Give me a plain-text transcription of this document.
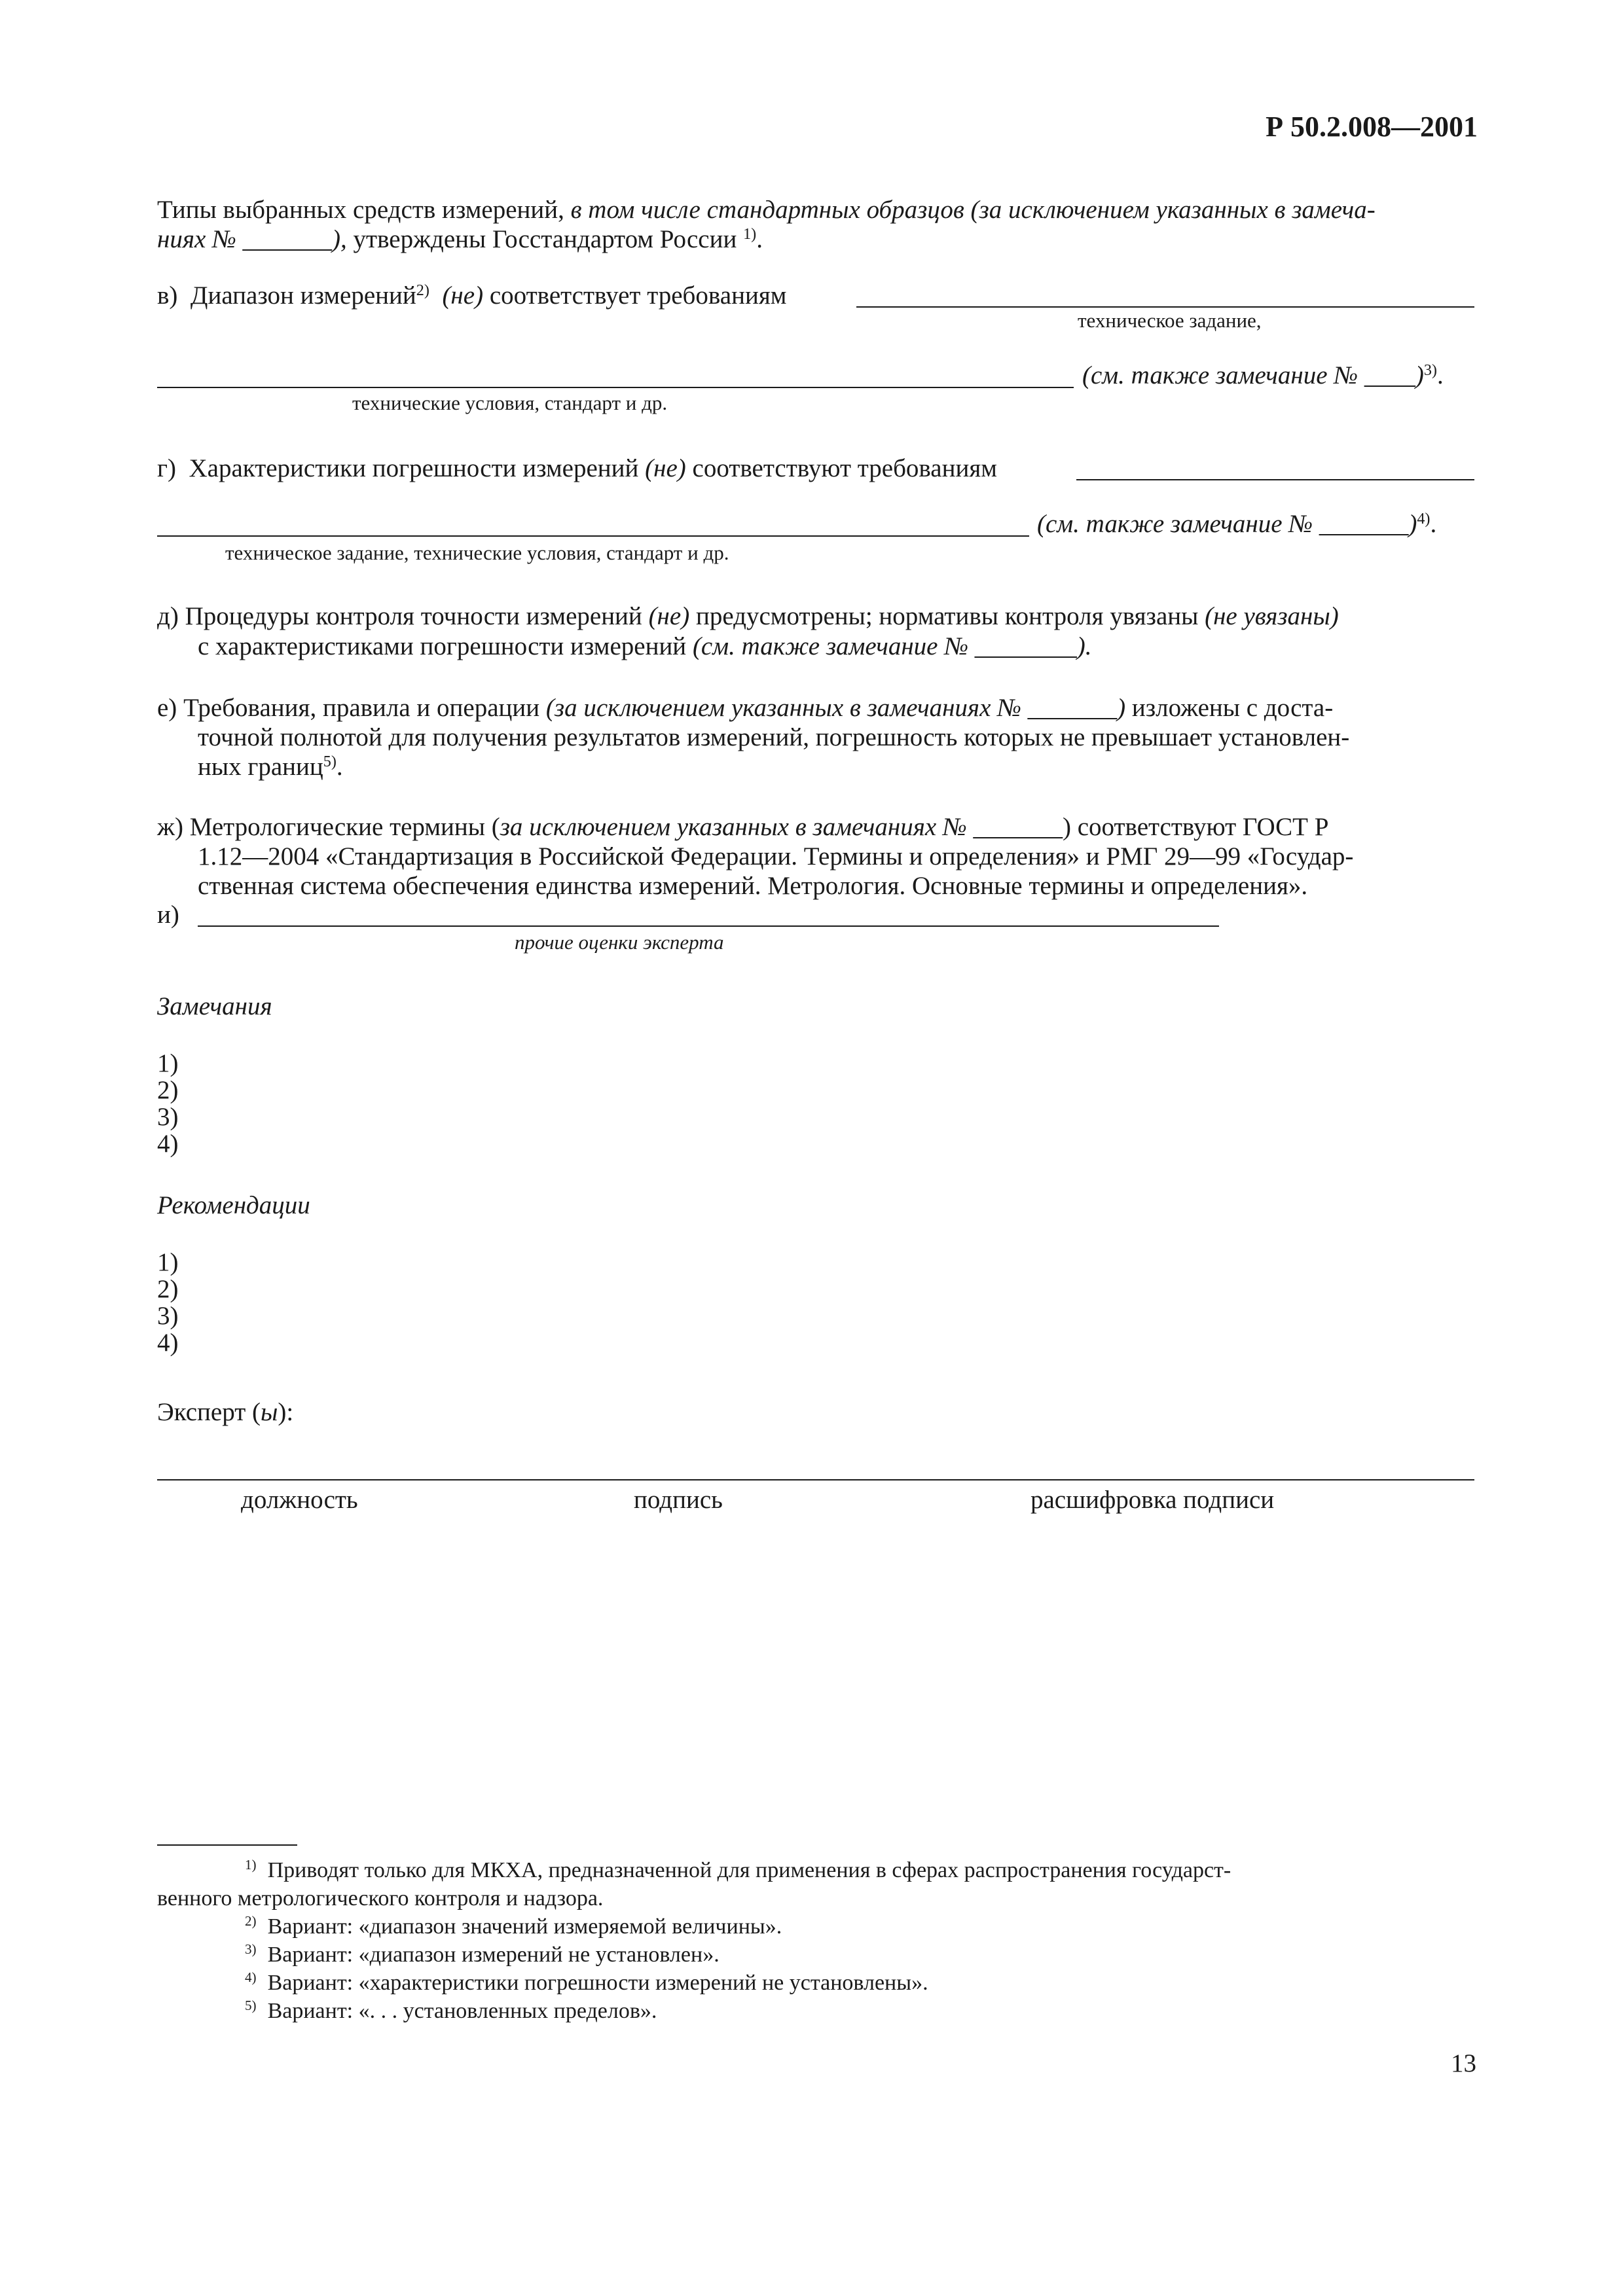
Р 50.2.008—2001
Типы выбранных средств измерений, в том числе стандартных образцов (за исключением указанных в замеча-
ниях № _______), утверждены Госстандартом России $^{1)}$.
в) Диапазон измерений$^{2)}$ (не) соответствует требованиям
техническое задание,
(см. также замечание № ____)$^{3)}$.
технические условия, стандарт и др.
г) Характеристики погрешности измерений (не) соответствуют требованиям
(см. также замечание № _______)$^{4)}$.
техническое задание, технические условия, стандарт и др.
д) Процедуры контроля точности измерений (не) предусмотрены; нормативы контроля увязаны (не увязаны)
с характеристиками погрешности измерений (см. также замечание № ________).
е) Требования, правила и операции (за исключением указанных в замечаниях № _______) изложены с доста-
точной полнотой для получения результатов измерений, погрешность которых не превышает установлен-
ных границ$^{5)}$.
ж) Метрологические термины (за исключением указанных в замечаниях № _______) соответствуют ГОСТ Р
1.12—2004 «Стандартизация в Российской Федерации. Термины и определения» и РМГ 29—99 «Государ-
ственная система обеспечения единства измерений. Метрология. Основные термины и определения».
и)
прочие оценки эксперта
Замечания
1)
2)
3)
4)
Рекомендации
1)
2)
3)
4)
Эксперт (ы):
должность	подпись	расшифровка подписи
$^{1)}$ Приводят только для МКХА, предназначенной для применения в сферах распространения государст-
венного метрологического контроля и надзора.
$^{2)}$ Вариант: «диапазон значений измеряемой величины».
$^{3)}$ Вариант: «диапазон измерений не установлен».
$^{4)}$ Вариант: «характеристики погрешности измерений не установлены».
$^{5)}$ Вариант: «. . . установленных пределов».
13
